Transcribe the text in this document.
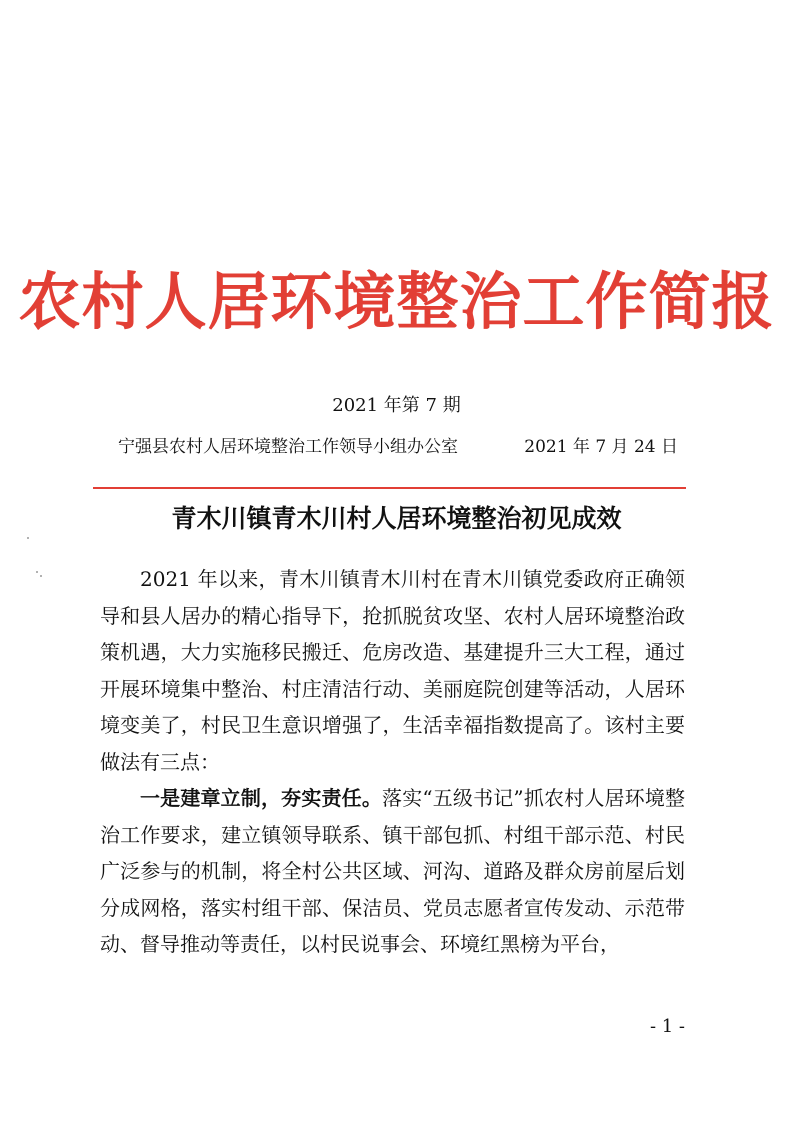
农村人居环境整治工作简报
2021 年第 7 期
宁强县农村人居环境整治工作领导小组办公室	2021 年 7 月 24 日
青木川镇青木川村人居环境整治初见成效

2021 年以来，青木川镇青木川村在青木川镇党委政府正确领导和县人居办的精心指导下，抢抓脱贫攻坚、农村人居环境整治政策机遇，大力实施移民搬迁、危房改造、基建提升三大工程，通过开展环境集中整治、村庄清洁行动、美丽庭院创建等活动，人居环境变美了，村民卫生意识增强了，生活幸福指数提高了。该村主要做法有三点：

一是建章立制，夯实责任。落实“五级书记”抓农村人居环境整治工作要求，建立镇领导联系、镇干部包抓、村组干部示范、村民广泛参与的机制，将全村公共区域、河沟、道路及群众房前屋后划分成网格，落实村组干部、保洁员、党员志愿者宣传发动、示范带动、督导推动等责任，以村民说事会、环境红黑榜为平台，

- 1 -
